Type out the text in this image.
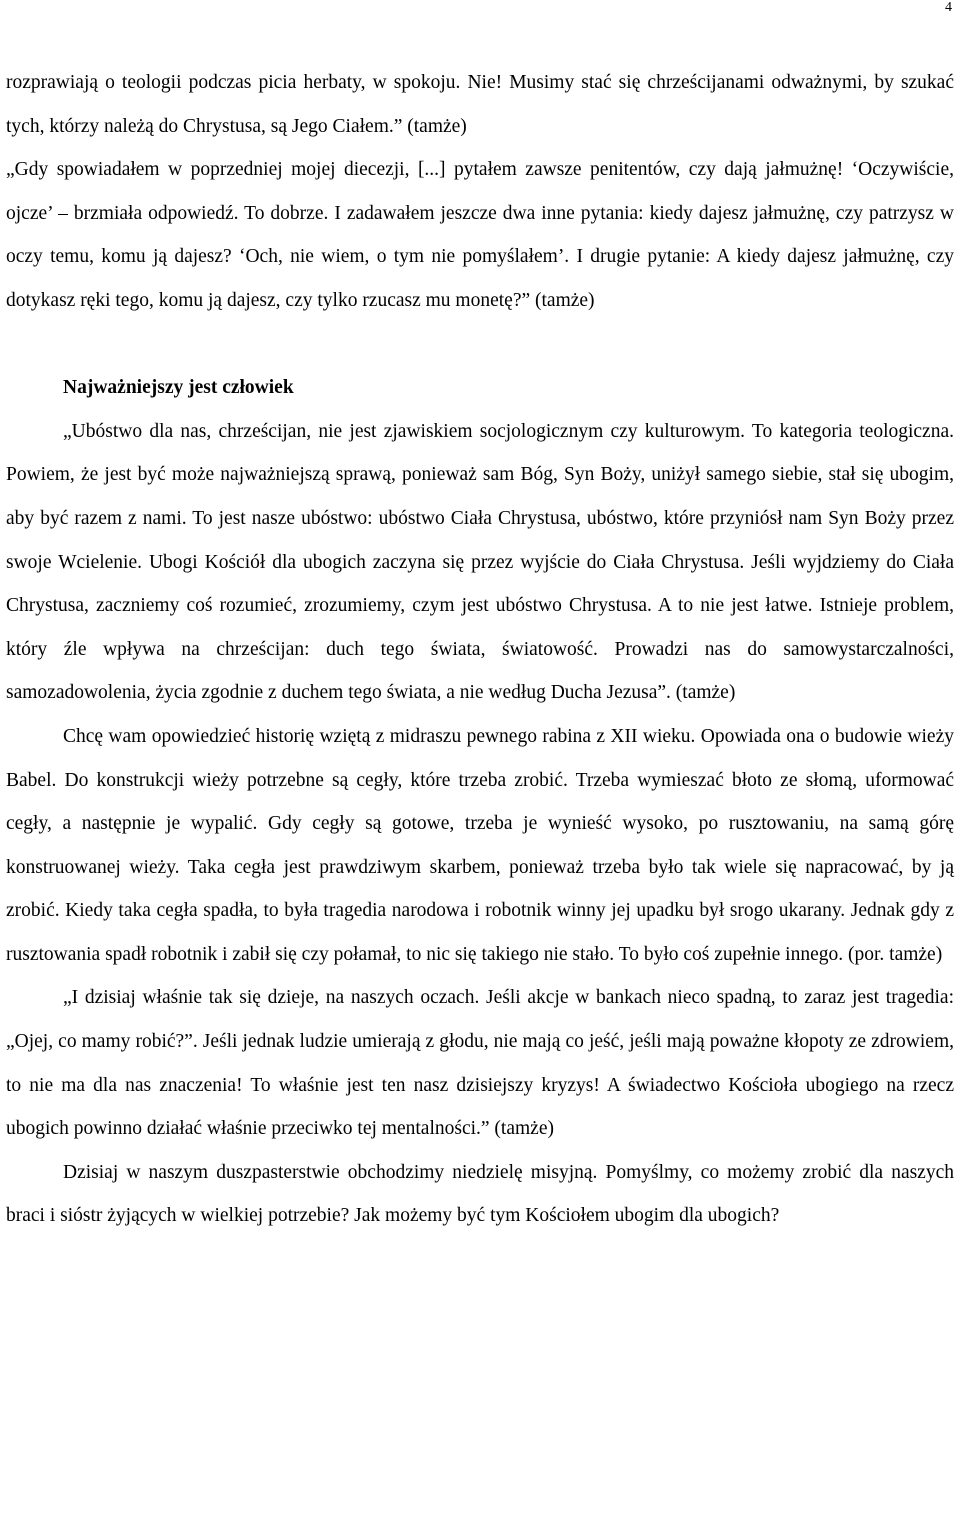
4

rozprawiają o teologii podczas picia herbaty, w spokoju. Nie! Musimy stać się chrześcijanami odważnymi, by szukać tych, którzy należą do Chrystusa, są Jego Ciałem.” (tamże)

„Gdy spowiadałem w poprzedniej mojej diecezji, [...] pytałem zawsze penitentów, czy dają jałmużnę! ‘Oczywiście, ojcze’ – brzmiała odpowiedź. To dobrze. I zadawałem jeszcze dwa inne pytania: kiedy dajesz jałmużnę, czy patrzysz w oczy temu, komu ją dajesz? ‘Och, nie wiem, o tym nie pomyślałem’. I drugie pytanie: A kiedy dajesz jałmużnę, czy dotykasz ręki tego, komu ją dajesz, czy tylko rzucasz mu monetę?” (tamże)

Najważniejszy jest człowiek

„Ubóstwo dla nas, chrześcijan, nie jest zjawiskiem socjologicznym czy kulturowym. To kategoria teologiczna. Powiem, że jest być może najważniejszą sprawą, ponieważ sam Bóg, Syn Boży, uniżył samego siebie, stał się ubogim, aby być razem z nami. To jest nasze ubóstwo: ubóstwo Ciała Chrystusa, ubóstwo, które przyniósł nam Syn Boży przez swoje Wcielenie. Ubogi Kościół dla ubogich zaczyna się przez wyjście do Ciała Chrystusa. Jeśli wyjdziemy do Ciała Chrystusa, zaczniemy coś rozumieć, zrozumiemy, czym jest ubóstwo Chrystusa. A to nie jest łatwe. Istnieje problem, który źle wpływa na chrześcijan: duch tego świata, światowość. Prowadzi nas do samowystarczalności, samozadowolenia, życia zgodnie z duchem tego świata, a nie według Ducha Jezusa”. (tamże)

Chcę wam opowiedzieć historię wziętą z midraszu pewnego rabina z XII wieku. Opowiada ona o budowie wieży Babel. Do konstrukcji wieży potrzebne są cegły, które trzeba zrobić. Trzeba wymieszać błoto ze słomą, uformować cegły, a następnie je wypalić. Gdy cegły są gotowe, trzeba je wynieść wysoko, po rusztowaniu, na samą górę konstruowanej wieży. Taka cegła jest prawdziwym skarbem, ponieważ trzeba było tak wiele się napracować, by ją zrobić. Kiedy taka cegła spadła, to była tragedia narodowa i robotnik winny jej upadku był srogo ukarany. Jednak gdy z rusztowania spadł robotnik i zabił się czy połamał, to nic się takiego nie stało. To było coś zupełnie innego. (por. tamże)

„I dzisiaj właśnie tak się dzieje, na naszych oczach. Jeśli akcje w bankach nieco spadną, to zaraz jest tragedia: „Ojej, co mamy robić?”. Jeśli jednak ludzie umierają z głodu, nie mają co jeść, jeśli mają poważne kłopoty ze zdrowiem, to nie ma dla nas znaczenia! To właśnie jest ten nasz dzisiejszy kryzys! A świadectwo Kościoła ubogiego na rzecz ubogich powinno działać właśnie przeciwko tej mentalności.” (tamże)

Dzisiaj w naszym duszpasterstwie obchodzimy niedzielę misyjną. Pomyślmy, co możemy zrobić dla naszych braci i sióstr żyjących w wielkiej potrzebie? Jak możemy być tym Kościołem ubogim dla ubogich?
